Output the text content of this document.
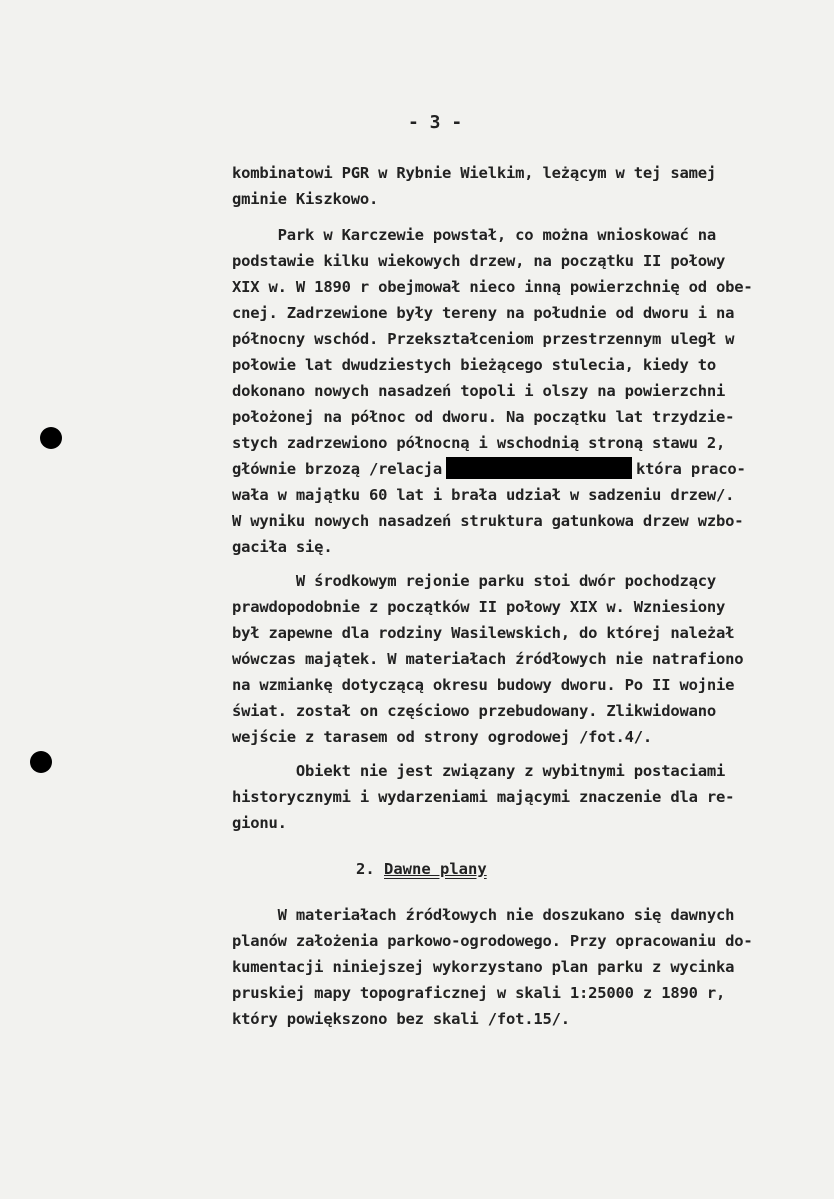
- 3 -
kombinatowi PGR w Rybnie Wielkim, leżącym w tej samej
gminie Kiszkowo.
Park w Karczewie powstał, co można wnioskować na
podstawie kilku wiekowych drzew, na początku II połowy
XIX w. W 1890 r obejmował nieco inną powierzchnię od obe-
cnej. Zadrzewione były tereny na południe od dworu i na
północny wschód. Przekształceniom przestrzennym uległ w
połowie lat dwudziestych bieżącego stulecia, kiedy to
dokonano nowych nasadzeń topoli i olszy na powierzchni
położonej na północ od dworu. Na początku lat trzydzie-
stych zadrzewiono północną i wschodnią stroną stawu 2,
głównie brzozą /relacja	która praco-
wała w majątku 60 lat i brała udział w sadzeniu drzew/.
W wyniku nowych nasadzeń struktura gatunkowa drzew wzbo-
gaciła się.
W środkowym rejonie parku stoi dwór pochodzący
prawdopodobnie z początków II połowy XIX w. Wzniesiony
był zapewne dla rodziny Wasilewskich, do której należał
wówczas majątek. W materiałach źródłowych nie natrafiono
na wzmiankę dotyczącą okresu budowy dworu. Po II wojnie
świat. został on częściowo przebudowany. Zlikwidowano
wejście z tarasem od strony ogrodowej /fot.4/.
Obiekt nie jest związany z wybitnymi postaciami
historycznymi i wydarzeniami mającymi znaczenie dla re-
gionu.
2. Dawne plany
W materiałach źródłowych nie doszukano się dawnych
planów założenia parkowo-ogrodowego. Przy opracowaniu do-
kumentacji niniejszej wykorzystano plan parku z wycinka
pruskiej mapy topograficznej w skali 1:25000 z 1890 r,
który powiększono bez skali /fot.15/.
